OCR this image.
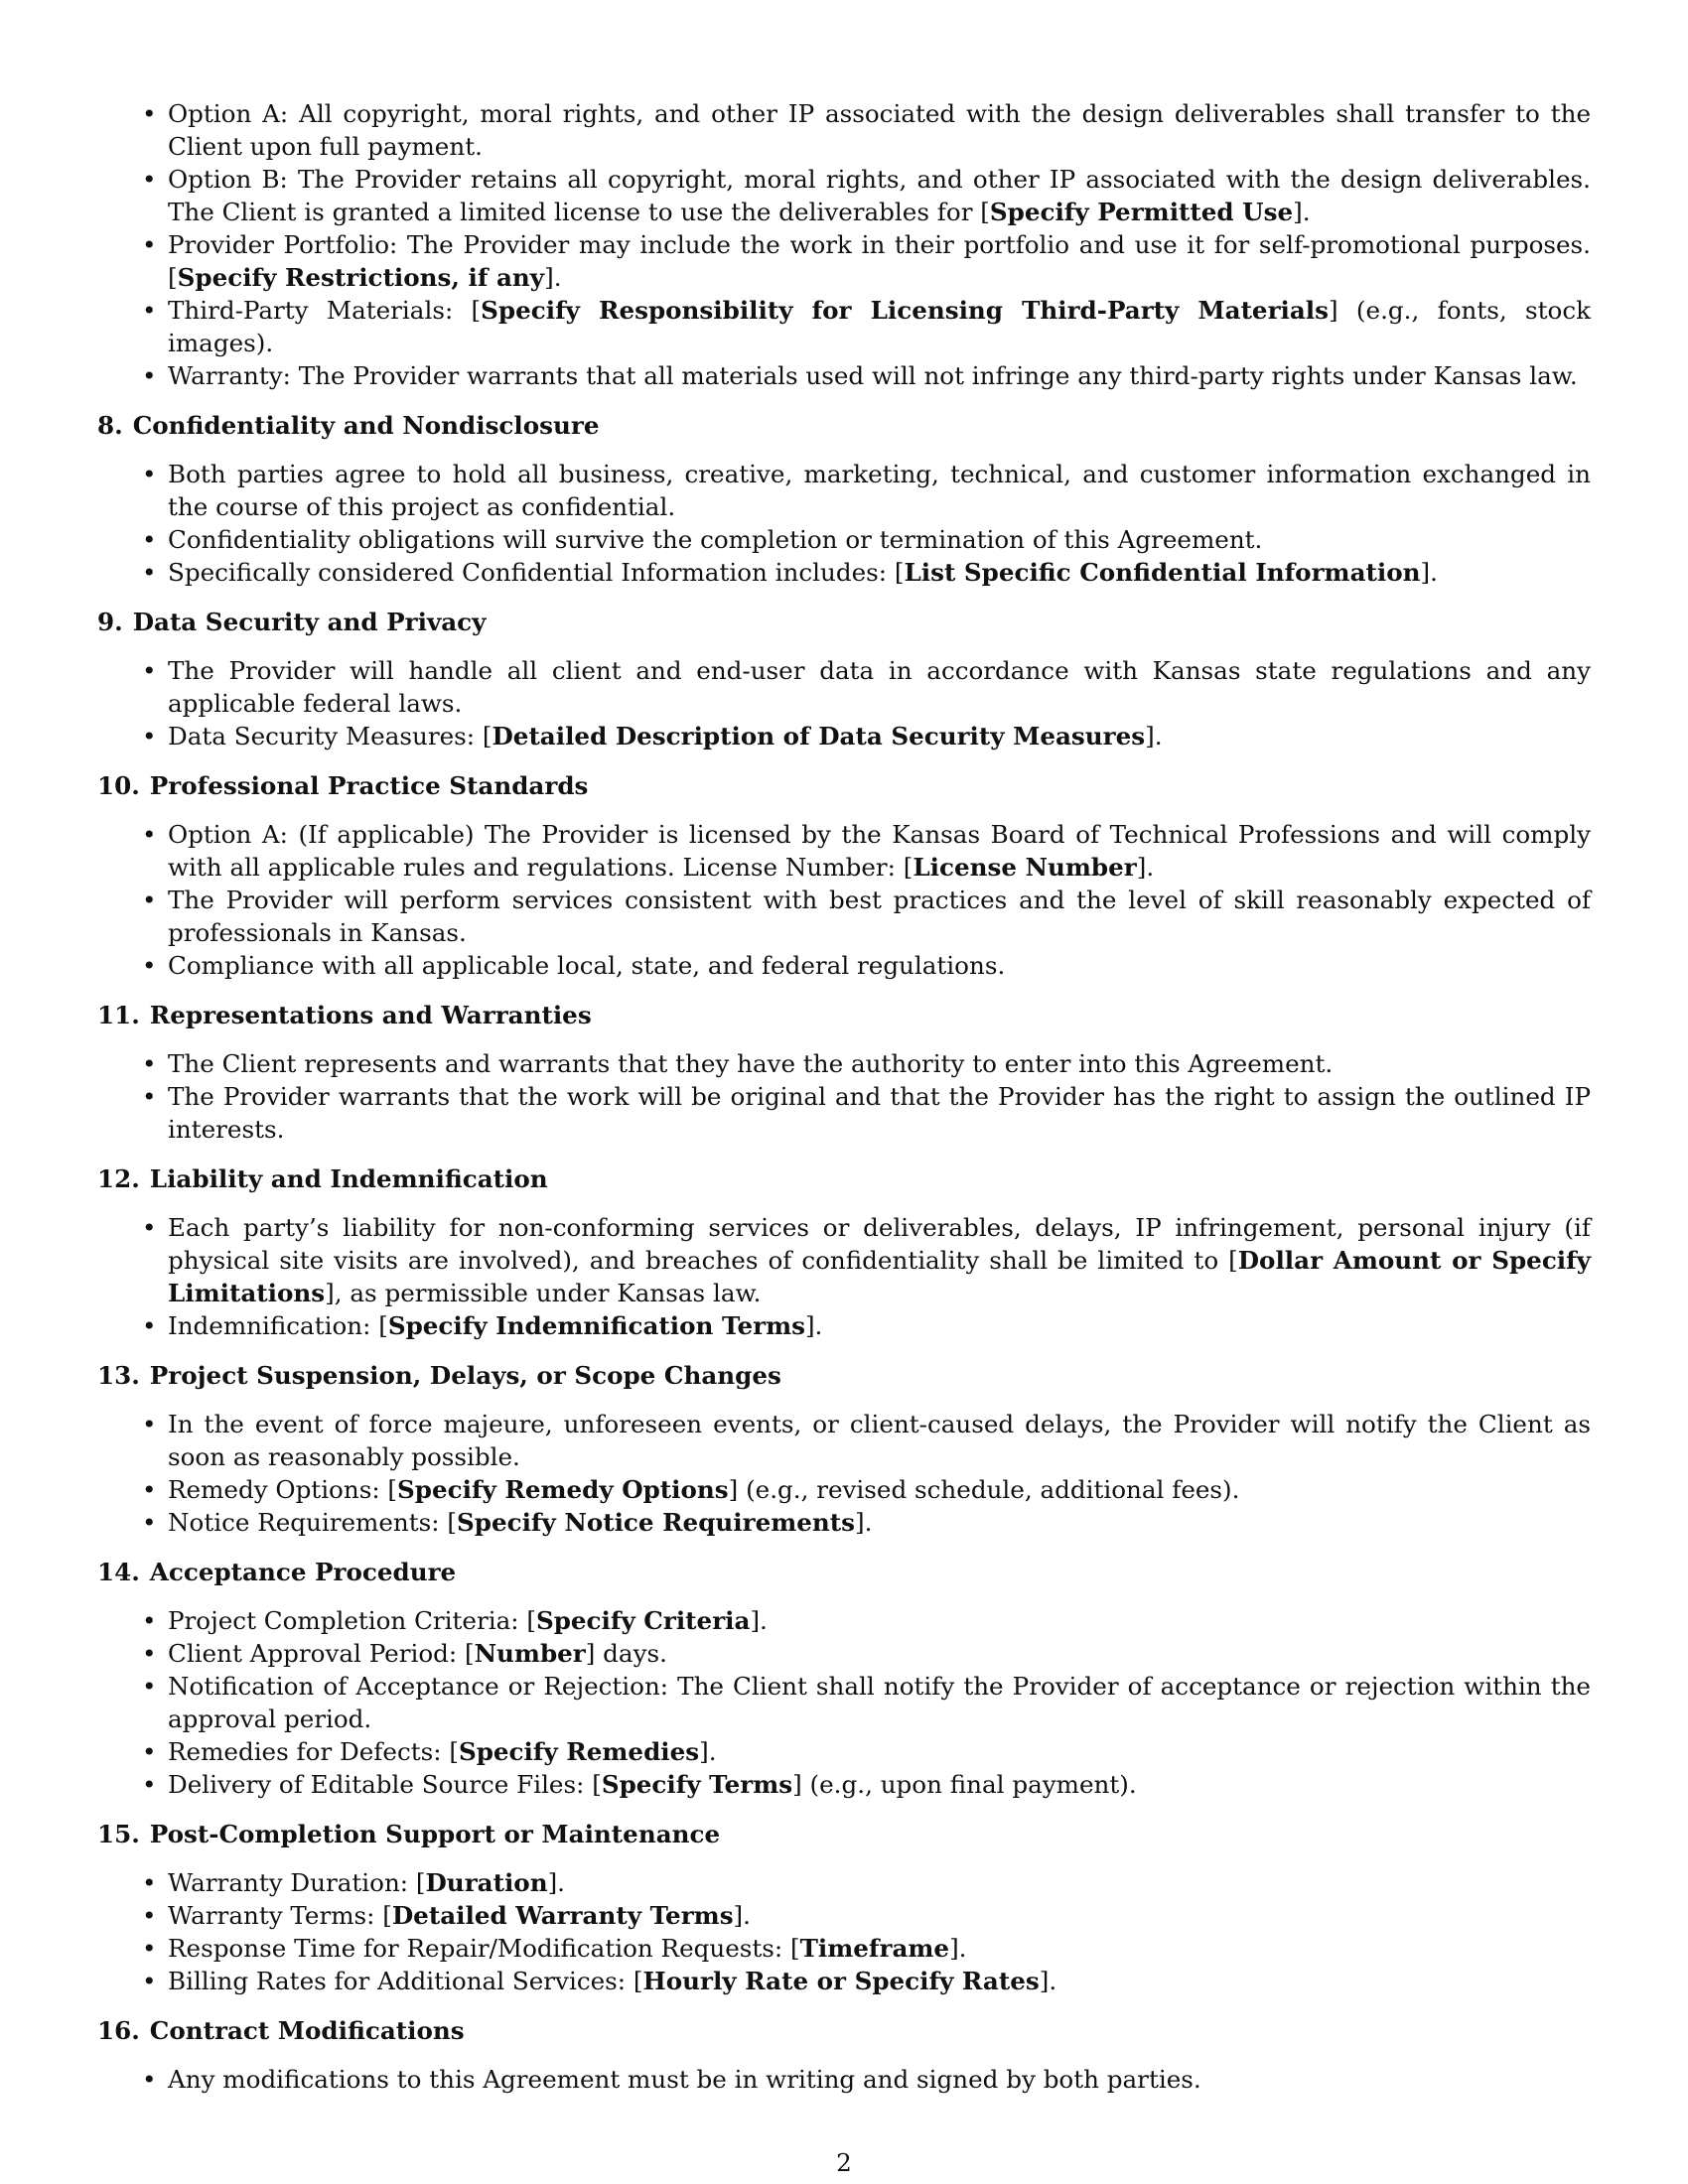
• Option A: All copyright, moral rights, and other IP associated with the design deliverables shall transfer to the Client upon full payment.
• Option B: The Provider retains all copyright, moral rights, and other IP associated with the design deliverables. The Client is granted a limited license to use the deliverables for [Specify Permitted Use].
• Provider Portfolio: The Provider may include the work in their portfolio and use it for self-promotional purposes. [Specify Restrictions, if any].
• Third-Party Materials: [Specify Responsibility for Licensing Third-Party Materials] (e.g., fonts, stock images).
• Warranty: The Provider warrants that all materials used will not infringe any third-party rights under Kansas law.
8. Confidentiality and Nondisclosure
• Both parties agree to hold all business, creative, marketing, technical, and customer information exchanged in the course of this project as confidential.
• Confidentiality obligations will survive the completion or termination of this Agreement.
• Specifically considered Confidential Information includes: [List Specific Confidential Information].
9. Data Security and Privacy
• The Provider will handle all client and end-user data in accordance with Kansas state regulations and any applicable federal laws.
• Data Security Measures: [Detailed Description of Data Security Measures].
10. Professional Practice Standards
• Option A: (If applicable) The Provider is licensed by the Kansas Board of Technical Professions and will comply with all applicable rules and regulations. License Number: [License Number].
• The Provider will perform services consistent with best practices and the level of skill reasonably expected of professionals in Kansas.
• Compliance with all applicable local, state, and federal regulations.
11. Representations and Warranties
• The Client represents and warrants that they have the authority to enter into this Agreement.
• The Provider warrants that the work will be original and that the Provider has the right to assign the outlined IP interests.
12. Liability and Indemnification
• Each party’s liability for non-conforming services or deliverables, delays, IP infringement, personal injury (if physical site visits are involved), and breaches of confidentiality shall be limited to [Dollar Amount or Specify Limitations], as permissible under Kansas law.
• Indemnification: [Specify Indemnification Terms].
13. Project Suspension, Delays, or Scope Changes
• In the event of force majeure, unforeseen events, or client-caused delays, the Provider will notify the Client as soon as reasonably possible.
• Remedy Options: [Specify Remedy Options] (e.g., revised schedule, additional fees).
• Notice Requirements: [Specify Notice Requirements].
14. Acceptance Procedure
• Project Completion Criteria: [Specify Criteria].
• Client Approval Period: [Number] days.
• Notification of Acceptance or Rejection: The Client shall notify the Provider of acceptance or rejection within the approval period.
• Remedies for Defects: [Specify Remedies].
• Delivery of Editable Source Files: [Specify Terms] (e.g., upon final payment).
15. Post-Completion Support or Maintenance
• Warranty Duration: [Duration].
• Warranty Terms: [Detailed Warranty Terms].
• Response Time for Repair/Modification Requests: [Timeframe].
• Billing Rates for Additional Services: [Hourly Rate or Specify Rates].
16. Contract Modifications
• Any modifications to this Agreement must be in writing and signed by both parties.
2
